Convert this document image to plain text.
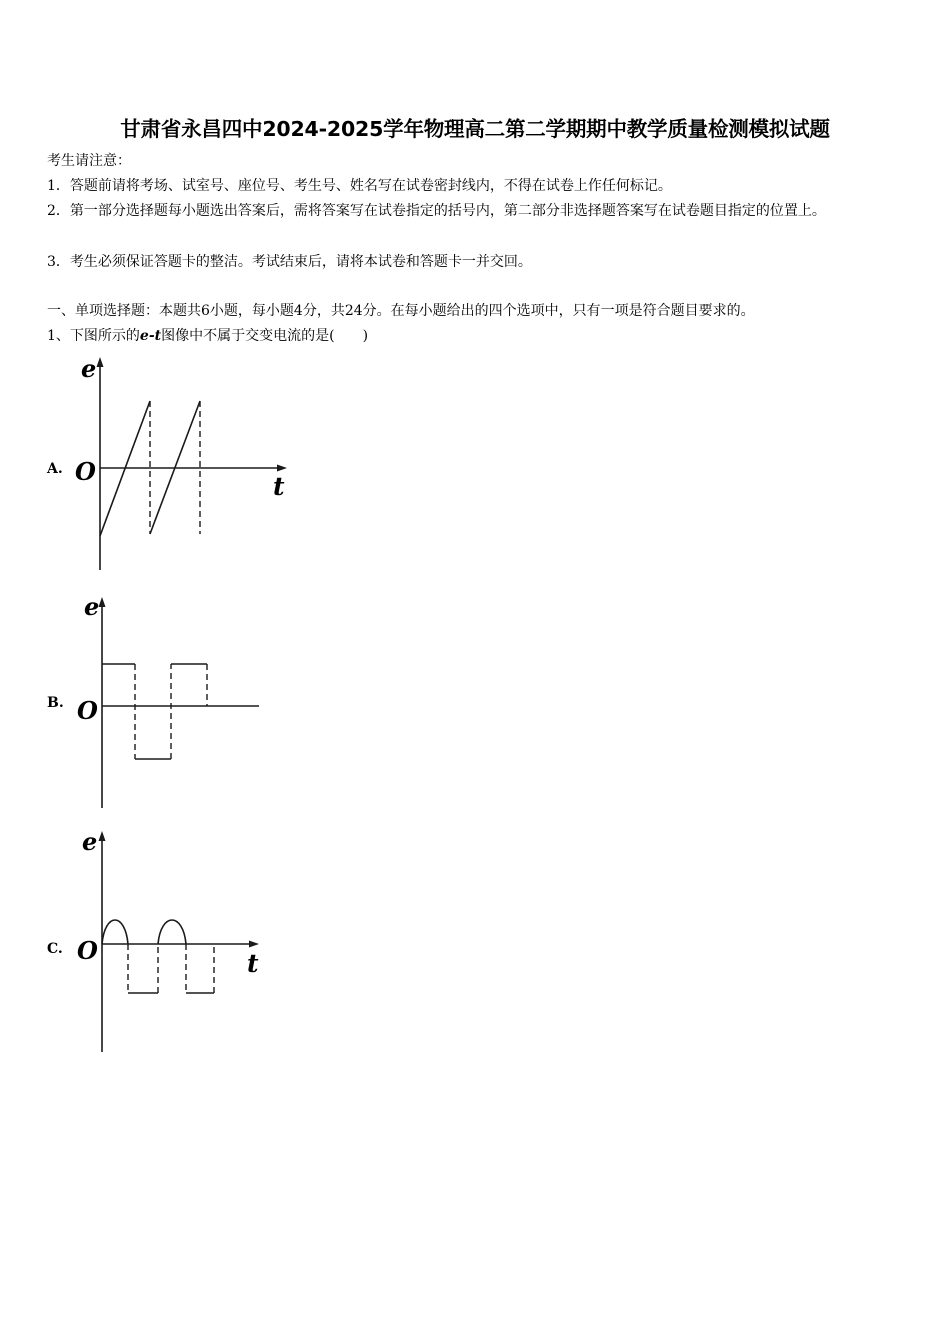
甘肃省永昌四中2024-2025学年物理高二第二学期期中教学质量检测模拟试题
考生请注意：
1．答题前请将考场、试室号、座位号、考生号、姓名写在试卷密封线内，不得在试卷上作任何标记。
2．第一部分选择题每小题选出答案后，需将答案写在试卷指定的括号内，第二部分非选择题答案写在试卷题目指定的位置上。
3．考生必须保证答题卡的整洁。考试结束后，请将本试卷和答题卡一并交回。
一、单项选择题：本题共6小题，每小题4分，共24分。在每小题给出的四个选项中，只有一项是符合题目要求的。
1、下图所示的e-t图像中不属于交变电流的是(　　)
A.
e
O
t
B.
e
O
C.
e
O	t
